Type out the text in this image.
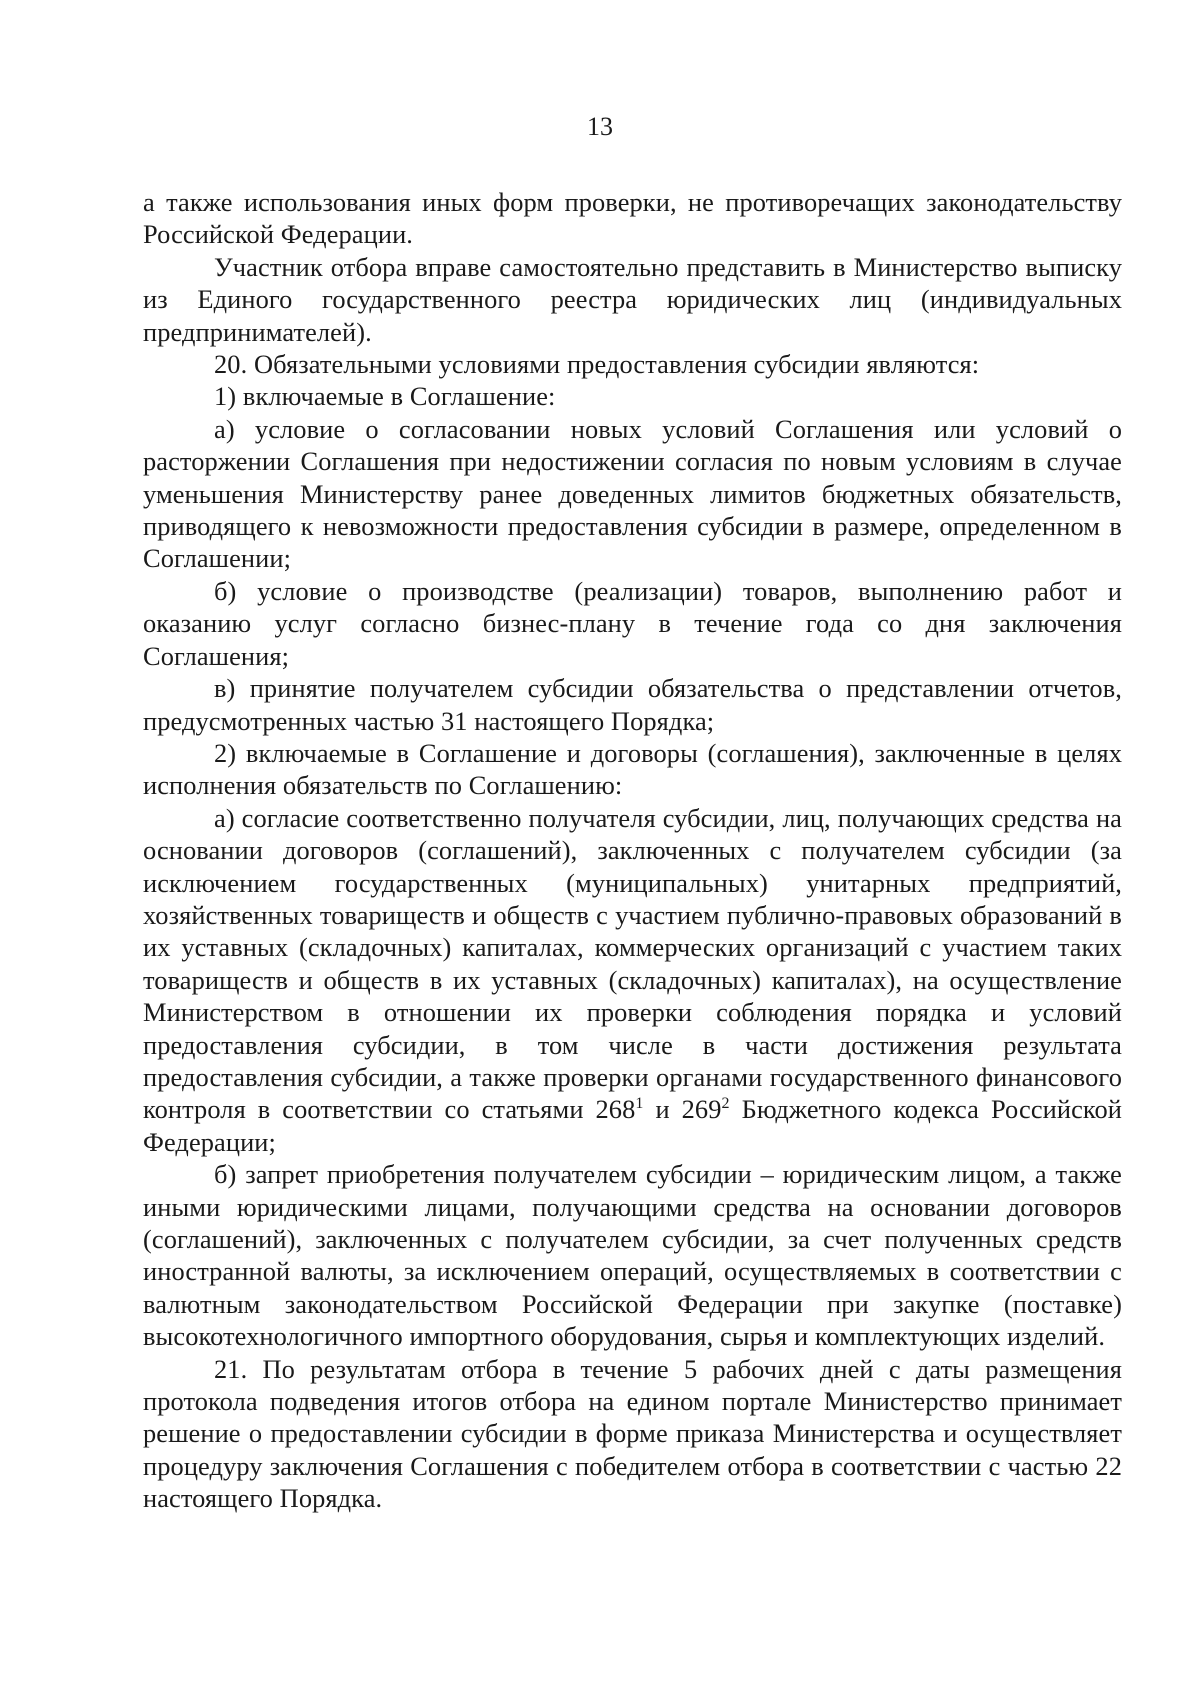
13

а также использования иных форм проверки, не противоречащих законодательству Российской Федерации.

Участник отбора вправе самостоятельно представить в Министерство выписку из Единого государственного реестра юридических лиц (индивидуальных предпринимателей).

20. Обязательными условиями предоставления субсидии являются:

1) включаемые в Соглашение:

а) условие о согласовании новых условий Соглашения или условий о расторжении Соглашения при недостижении согласия по новым условиям в случае уменьшения Министерству ранее доведенных лимитов бюджетных обязательств, приводящего к невозможности предоставления субсидии в размере, определенном в Соглашении;

б) условие о производстве (реализации) товаров, выполнению работ и оказанию услуг согласно бизнес-плану в течение года со дня заключения Соглашения;

в) принятие получателем субсидии обязательства о представлении отчетов, предусмотренных частью 31 настоящего Порядка;

2) включаемые в Соглашение и договоры (соглашения), заключенные в целях исполнения обязательств по Соглашению:

а) согласие соответственно получателя субсидии, лиц, получающих средства на основании договоров (соглашений), заключенных с получателем субсидии (за исключением государственных (муниципальных) унитарных предприятий, хозяйственных товариществ и обществ с участием публично-правовых образований в их уставных (складочных) капиталах, коммерческих организаций с участием таких товариществ и обществ в их уставных (складочных) капиталах), на осуществление Министерством в отношении их проверки соблюдения порядка и условий предоставления субсидии, в том числе в части достижения результата предоставления субсидии, а также проверки органами государственного финансового контроля в соответствии со статьями $268^1$ и $269^2$ Бюджетного кодекса Российской Федерации;

б) запрет приобретения получателем субсидии – юридическим лицом, а также иными юридическими лицами, получающими средства на основании договоров (соглашений), заключенных с получателем субсидии, за счет полученных средств иностранной валюты, за исключением операций, осуществляемых в соответствии с валютным законодательством Российской Федерации при закупке (поставке) высокотехнологичного импортного оборудования, сырья и комплектующих изделий.

21. По результатам отбора в течение 5 рабочих дней с даты размещения протокола подведения итогов отбора на едином портале Министерство принимает решение о предоставлении субсидии в форме приказа Министерства и осуществляет процедуру заключения Соглашения с победителем отбора в соответствии с частью 22 настоящего Порядка.
